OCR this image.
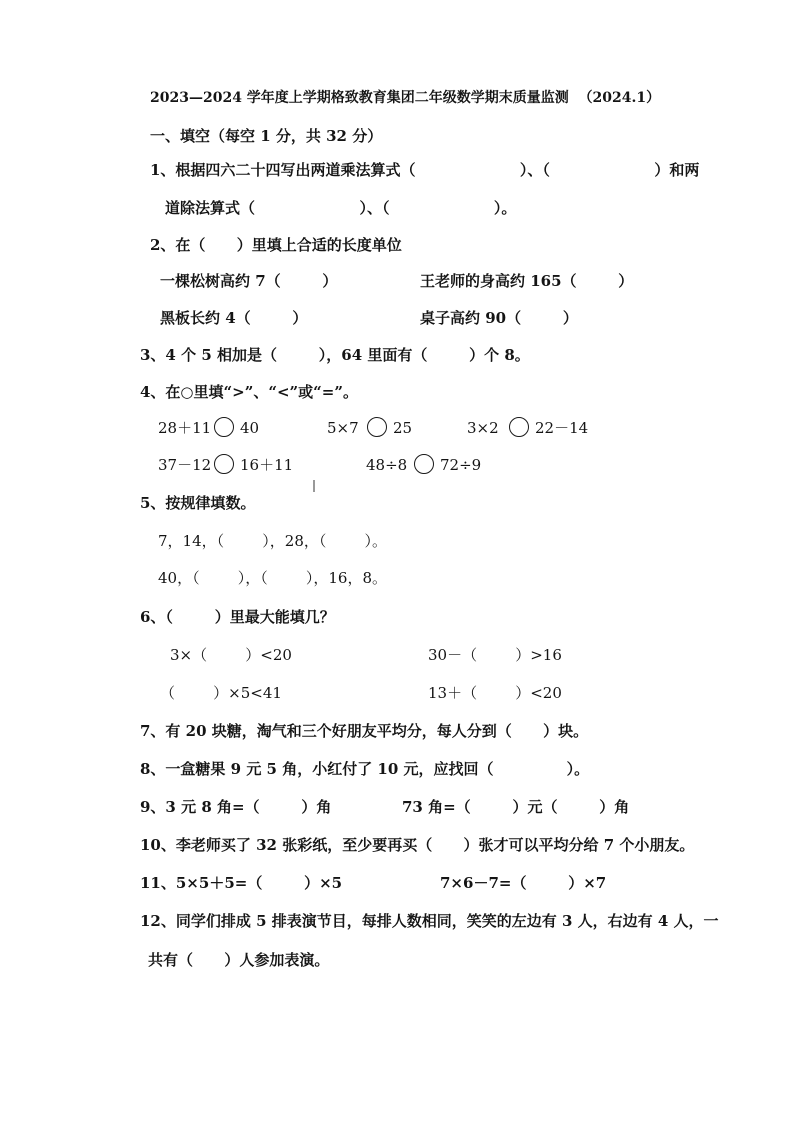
2023—2024 学年度上学期格致教育集团二年级数学期末质量监测  （2024.1）
一、填空（每空 1 分，共 32 分）
1、根据四六二十四写出两道乘法算式（                    ）、（                    ）和两
道除法算式（                    ）、（                    ）。
2、在（      ）里填上合适的长度单位
一棵松树高约 7（        ）	王老师的身高约 165（        ）
黑板长约 4（        ）	桌子高约 90（        ）
3、4 个 5 相加是（        ），64 里面有（        ）个 8。
4、在○里填“>”、“<”或“=”。
28＋11 40	5×7 25	3×2 22－14
37－12 16＋11	48÷8 72÷9
5、按规律填数。
7，14，（        ），28，（        ）。
40，（        ），（        ），16，8。
6、（        ）里最大能填几？
3×（        ）<20	30－（        ）>16
（        ）×5<41	13＋（        ）<20
7、有 20 块糖，淘气和三个好朋友平均分，每人分到（      ）块。
8、一盒糖果 9 元 5 角，小红付了 10 元，应找回（              ）。
9、3 元 8 角=（        ）角	73 角=（        ）元（        ）角
10、李老师买了 32 张彩纸，至少要再买（      ）张才可以平均分给 7 个小朋友。
11、5×5＋5=（        ）×5	7×6－7=（        ）×7
12、同学们排成 5 排表演节目，每排人数相同，笑笑的左边有 3 人，右边有 4 人，一
共有（      ）人参加表演。
